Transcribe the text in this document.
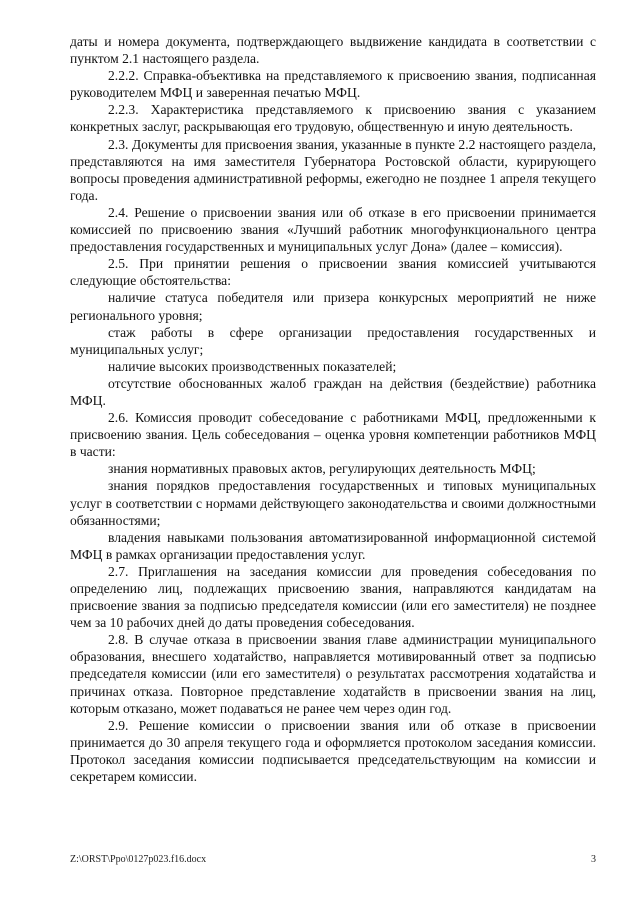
даты и номера документа, подтверждающего выдвижение кандидата в соответствии с пунктом 2.1 настоящего раздела.

2.2.2. Справка-объективка на представляемого к присвоению звания, подписанная руководителем МФЦ и заверенная печатью МФЦ.

2.2.3. Характеристика представляемого к присвоению звания с указанием конкретных заслуг, раскрывающая его трудовую, общественную и иную деятельность.

2.3. Документы для присвоения звания, указанные в пункте 2.2 настоящего раздела, представляются на имя заместителя Губернатора Ростовской области, курирующего вопросы проведения административной реформы, ежегодно не позднее 1 апреля текущего года.

2.4. Решение о присвоении звания или об отказе в его присвоении принимается комиссией по присвоению звания «Лучший работник многофункционального центра предоставления государственных и муниципальных услуг Дона» (далее – комиссия).

2.5. При принятии решения о присвоении звания комиссией учитываются следующие обстоятельства:

наличие статуса победителя или призера конкурсных мероприятий не ниже регионального уровня;

стаж работы в сфере организации предоставления государственных и муниципальных услуг;

наличие высоких производственных показателей;

отсутствие обоснованных жалоб граждан на действия (бездействие) работника МФЦ.

2.6. Комиссия проводит собеседование с работниками МФЦ, предложенными к присвоению звания. Цель собеседования – оценка уровня компетенции работников МФЦ в части:

знания нормативных правовых актов, регулирующих деятельность МФЦ;

знания порядков предоставления государственных и типовых муниципальных услуг в соответствии с нормами действующего законодательства и своими должностными обязанностями;

владения навыками пользования автоматизированной информационной системой МФЦ в рамках организации предоставления услуг.

2.7. Приглашения на заседания комиссии для проведения собеседования по определению лиц, подлежащих присвоению звания, направляются кандидатам на присвоение звания за подписью председателя комиссии (или его заместителя) не позднее чем за 10 рабочих дней до даты проведения собеседования.

2.8. В случае отказа в присвоении звания главе администрации муниципального образования, внесшего ходатайство, направляется мотивированный ответ за подписью председателя комиссии (или его заместителя) о результатах рассмотрения ходатайства и причинах отказа. Повторное представление ходатайств в присвоении звания на лиц, которым отказано, может подаваться не ранее чем через один год.

2.9. Решение комиссии о присвоении звания или об отказе в присвоении принимается до 30 апреля текущего года и оформляется протоколом заседания комиссии. Протокол заседания комиссии подписывается председательствующим на комиссии и секретарем комиссии.

Z:\ORST\Ppo\0127p023.f16.docx	3
